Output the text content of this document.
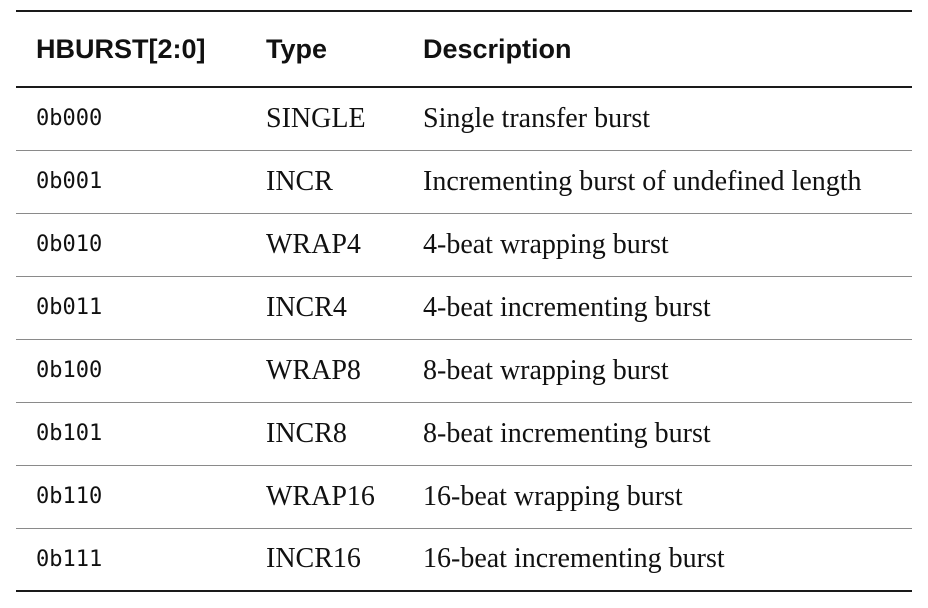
HBURST[2:0]	Type	Description
0b000	SINGLE	Single transfer burst
0b001	INCR	Incrementing burst of undefined length
0b010	WRAP4	4-beat wrapping burst
0b011	INCR4	4-beat incrementing burst
0b100	WRAP8	8-beat wrapping burst
0b101	INCR8	8-beat incrementing burst
0b110	WRAP16	16-beat wrapping burst
0b111	INCR16	16-beat incrementing burst
